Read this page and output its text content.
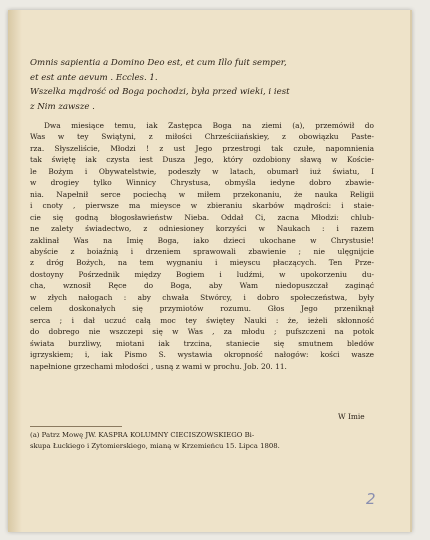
Omnis sapientia a Domino Deo est, et cum Illo fuit semper,

et est ante aevum . Eccles. 1.

Wszelka mądrość od Boga pochodzi, była przed wieki, i iest

z Nim zawsze .

Dwa miesiące temu, iak Zastępca Boga na ziemi (a), przemówił do
Was w tey Swiątyni, z miłości Chrześciiańskiey, z obowiązku Paste-
rza. Słyszeliście, Młodzi ! z ust Jego przestrogi tak czułe, napomnienia
tak świętę iak czysta iest Dusza Jego, który ozdobiony sławą w Koście-
le Bożym i Obywatelstwie, podeszły w latach, obumarł iuż światu, I
w drogiey tylko Winnicy Chrystusa, obmyśla iedyne dobro zbawie-
nia. Napełnił serce pociechą w miłem przekonaniu, że nauka Religii
i cnoty , pierwsze ma mieysce w zbieraniu skarbów mądrości: i staie-
cie się godną błogosławieństw Nieba. Oddał Ci, zacna Młodzi: chlub-
ne zalety świadectwo, z odniesioney korzyści w Naukach : i razem
zaklinał Was na Imię Boga, iako dzieci ukochane w Chrystusie!
abyście z boiaźnią i drzeniem sprawowali zbawienie ; nie ulęgnijcie
z dróg Bożych, na tem wygnaniu i mieyscu płaczących. Ten Prze-
dostoyny Pośrzednik między Bogiem i ludźmi, w upokorzeniu du-
cha, wznosił Ręce do Boga, aby Wam niedopuszczał zaginąć
w złych nałogach : aby chwała Stwórcy, i dobro społeczeństwa, były
celem doskonałych się przymiotów rozumu. Głos Jego przeniknął
serca ; i dał uczuć całą moc tey świętey Nauki : że, ieżeli skłonność
do dobrego nie wszczepi się w Was , za młodu ; pufszczeni na potok
świata burzliwy, miotani iak trzcina, staniecie się smutnem bledów
igrzyskiem; i, iak Pismo S. wystawia okropność nałogów: kości wasze
napełnione grzechami młodości , usną z wami w prochu. Job. 20. 11.
W Imie

(a) Patrz Mowę JW. KASPRA KOLUMNY CIECISZOWSKIEGO Bi-

skupa Łuckiego i Zytomierskiego, mianą w Krzemieńcu 15. Lipca 1808.

2
